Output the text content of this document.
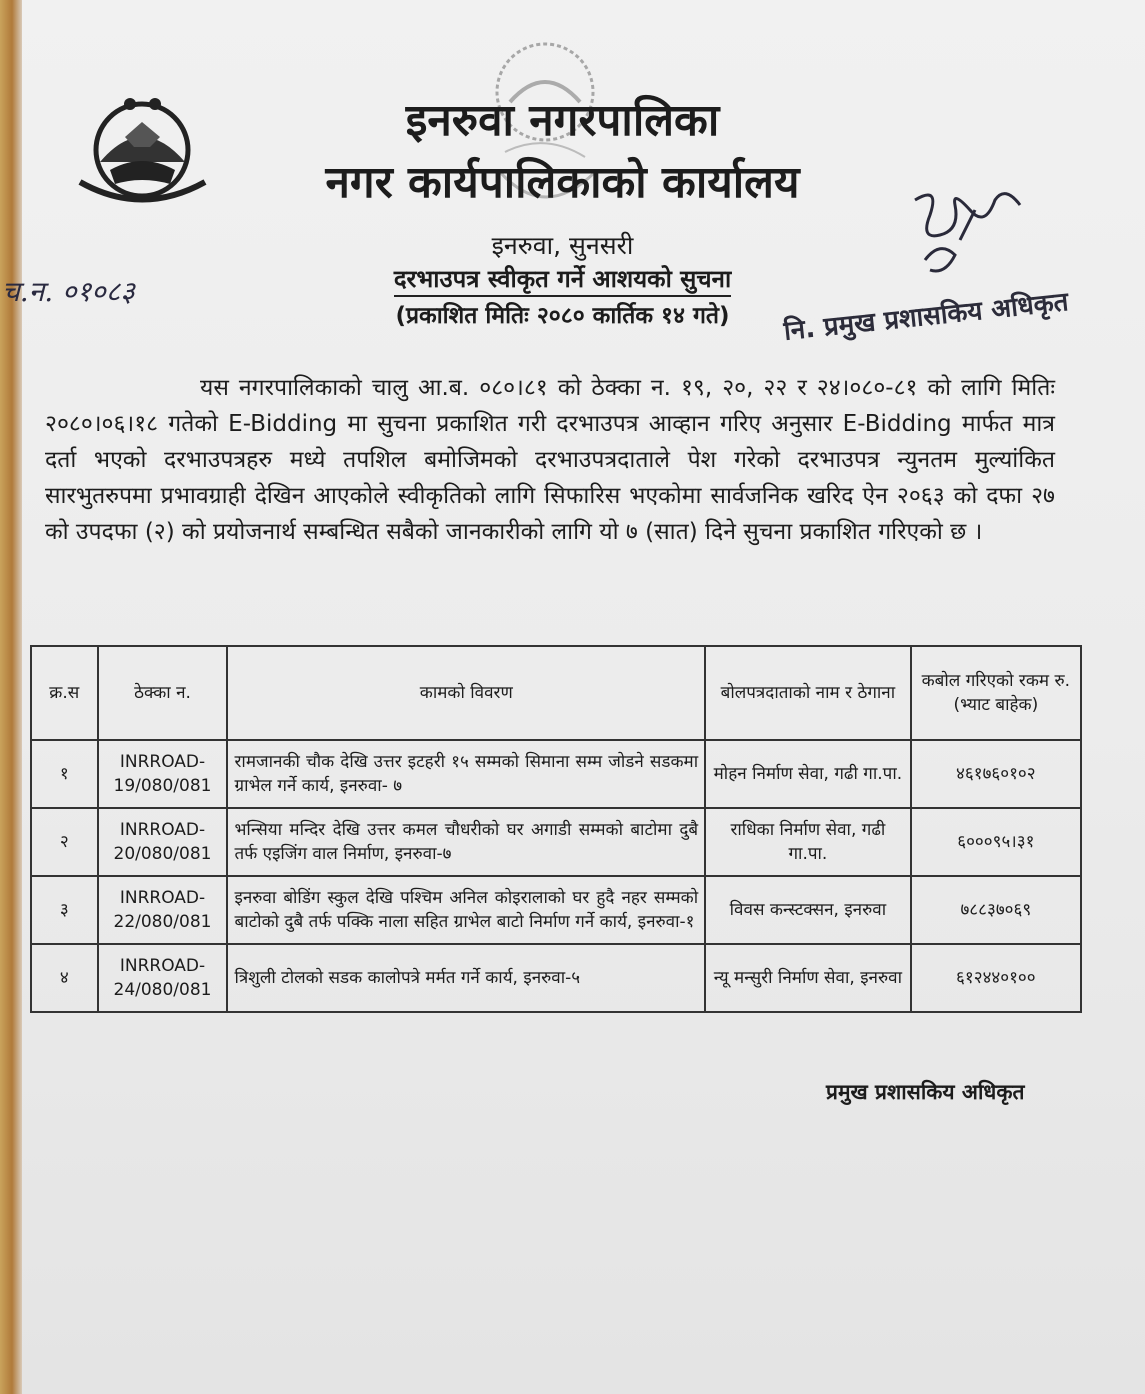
च.न. ०१०८३
इनरुवा नगरपालिका
नगर कार्यपालिकाको कार्यालय
इनरुवा, सुनसरी
दरभाउपत्र स्वीकृत गर्ने आशयको सुचना
(प्रकाशित मितिः २०८० कार्तिक १४ गते)	नि. प्रमुख प्रशासकिय अधिकृत
यस नगरपालिकाको चालु आ.ब. ०८०।८१ को ठेक्का न. १९, २०, २२ र २४।०८०-८१ को लागि मितिः २०८०।०६।१८ गतेको E-Bidding मा सुचना प्रकाशित गरी दरभाउपत्र आव्हान गरिए अनुसार E-Bidding मार्फत मात्र दर्ता भएको दरभाउपत्रहरु मध्ये तपशिल बमोजिमको दरभाउपत्रदाताले पेश गरेको दरभाउपत्र न्युनतम मुल्यांकित सारभुतरुपमा प्रभावग्राही देखिन आएकोले स्वीकृतिको लागि सिफारिस भएकोमा सार्वजनिक खरिद ऐन २०६३ को दफा २७ को उपदफा (२) को प्रयोजनार्थ सम्बन्धित सबैको जानकारीको लागि यो ७ (सात) दिने सुचना प्रकाशित गरिएको छ ।
क्र.स	ठेक्का न.	कामको विवरण	बोलपत्रदाताको नाम र ठेगाना	कबोल गरिएको रकम रु. (भ्याट बाहेक)
१	INRROAD-19/080/081	रामजानकी चौक देखि उत्तर इटहरी १५ सम्मको सिमाना सम्म जोडने सडकमा ग्राभेल गर्ने कार्य, इनरुवा- ७	मोहन निर्माण सेवा, गढी गा.पा.	४६१७६०१०२
२	INRROAD-20/080/081	भन्सिया मन्दिर देखि उत्तर कमल चौधरीको घर अगाडी सम्मको बाटोमा दुबै तर्फ एइजिंग वाल निर्माण, इनरुवा-७	राधिका निर्माण सेवा, गढी गा.पा.	६०००९५।३१
३	INRROAD-22/080/081	इनरुवा बोडिंग स्कुल देखि पश्चिम अनिल कोइरालाको घर हुदै नहर सम्मको बाटोको दुबै तर्फ पक्कि नाला सहित ग्राभेल बाटो निर्माण गर्ने कार्य, इनरुवा-१	विवस कन्स्टक्सन, इनरुवा	७८८३७०६९
४	INRROAD-24/080/081	त्रिशुली टोलको सडक कालोपत्रे मर्मत गर्ने कार्य, इनरुवा-५	न्यू मन्सुरी निर्माण सेवा, इनरुवा	६१२४४०१००
प्रमुख प्रशासकिय अधिकृत
